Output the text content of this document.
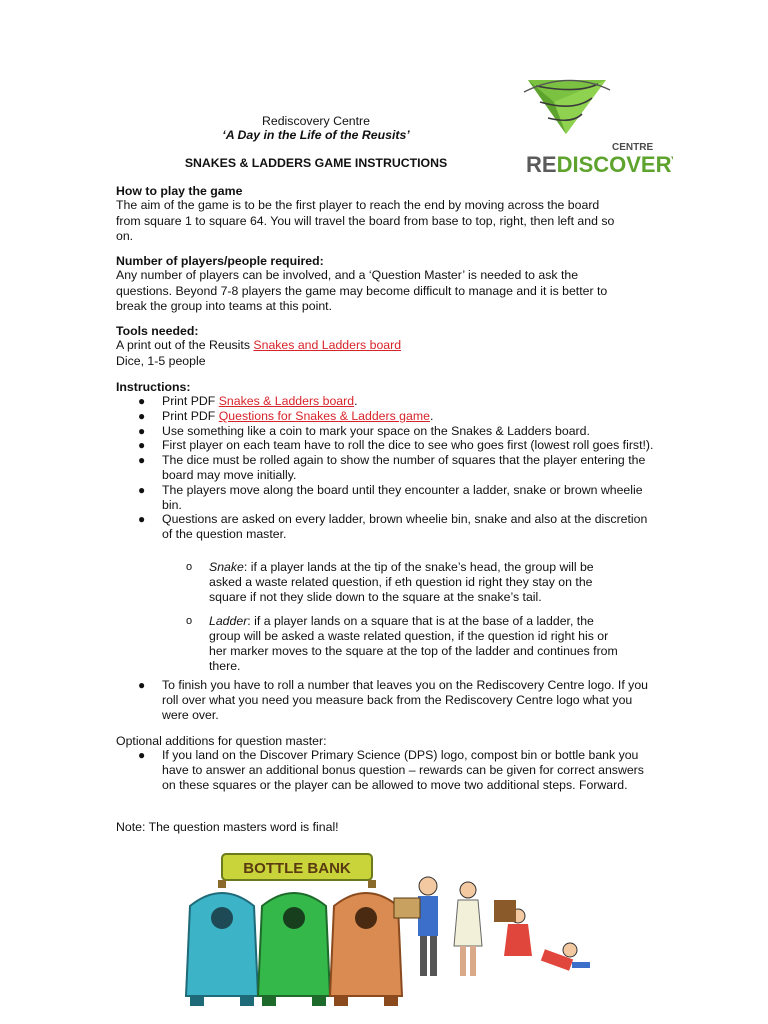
Rediscovery Centre
‘A Day in the Life of the Reusits’
SNAKES & LADDERS GAME INSTRUCTIONS
CENTRE
REDISCOVERY
How to play the game
The aim of the game is to be the first player to reach the end by moving across the board
from square 1 to square 64. You will travel the board from base to top, right, then left and so
on.
Number of players/people required:
Any number of players can be involved, and a ‘Question Master’ is needed to ask the
questions. Beyond 7-8 players the game may become difficult to manage and it is better to
break the group into teams at this point.
Tools needed:
A print out of the Reusits Snakes and Ladders board
Dice, 1-5 people
Instructions:
● Print PDF Snakes & Ladders board.
● Print PDF Questions for Snakes & Ladders game.
● Use something like a coin to mark your space on the Snakes & Ladders board.
● First player on each team have to roll the dice to see who goes first (lowest roll goes first!).
● The dice must be rolled again to show the number of squares that the player entering the board may move initially.
● The players move along the board until they encounter a ladder, snake or brown wheelie bin.
● Questions are asked on every ladder, brown wheelie bin, snake and also at the discretion of the question master.
o Snake: if a player lands at the tip of the snake’s head, the group will be asked a waste related question, if eth question id right they stay on the square if not they slide down to the square at the snake’s tail.
o Ladder: if a player lands on a square that is at the base of a ladder, the group will be asked a waste related question, if the question id right his or her marker moves to the square at the top of the ladder and continues from there.
● To finish you have to roll a number that leaves you on the Rediscovery Centre logo. If you roll over what you need you measure back from the Rediscovery Centre logo what you were over.
Optional additions for question master:
● If you land on the Discover Primary Science (DPS) logo, compost bin or bottle bank you have to answer an additional bonus question – rewards can be given for correct answers on these squares or the player can be allowed to move two additional steps. Forward.
Note: The question masters word is final!
BOTTLE BANK
